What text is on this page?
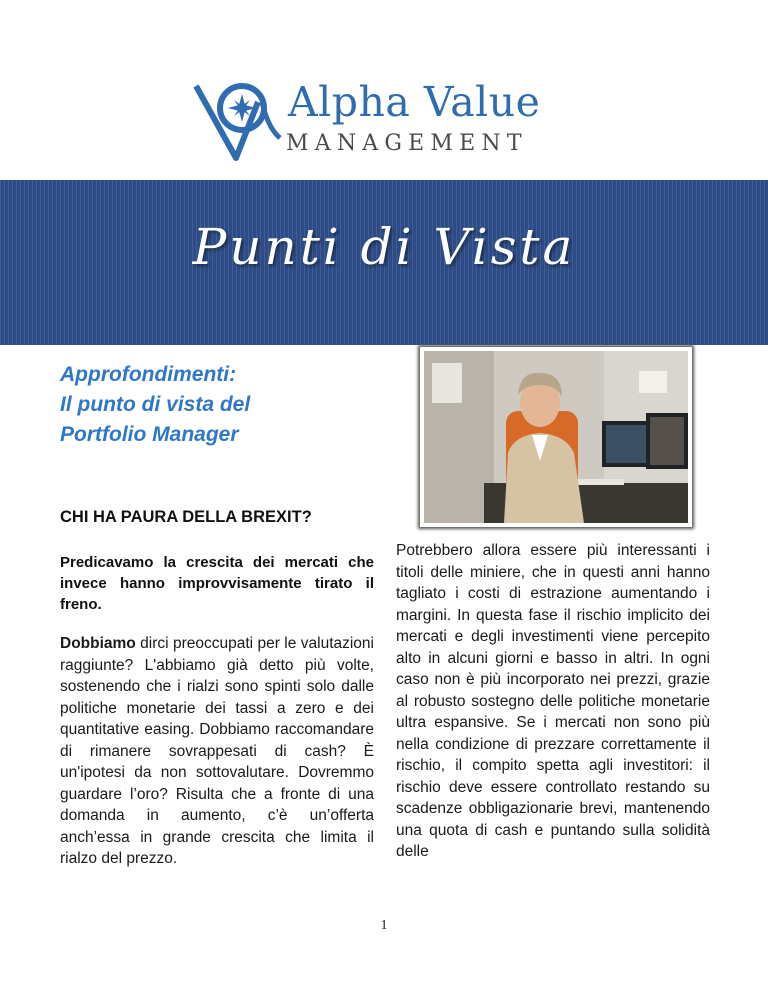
Alpha Value
MANAGEMENT
Punti di Vista
Approfondimenti:
Il punto di vista del
Portfolio Manager
CHI HA PAURA DELLA BREXIT?
Predicavamo la crescita dei mercati che invece hanno improvvisamente tirato il freno.
Dobbiamo dirci preoccupati per le valutazioni raggiunte? L'abbiamo già detto più volte, sostenendo che i rialzi sono spinti solo dalle politiche monetarie dei tassi a zero e dei quantitative easing. Dobbiamo raccomandare di rimanere sovrappesati di cash? È un'ipotesi da non sottovalutare. Dovremmo guardare l’oro? Risulta che a fronte di una domanda in aumento, c’è un’offerta anch’essa in grande crescita che limita il rialzo del prezzo.
Potrebbero allora essere più interessanti i titoli delle miniere, che in questi anni hanno tagliato i costi di estrazione aumentando i margini. In questa fase il rischio implicito dei mercati e degli investimenti viene percepito alto in alcuni giorni e basso in altri. In ogni caso non è più incorporato nei prezzi, grazie al robusto sostegno delle politiche monetarie ultra espansive. Se i mercati non sono più nella condizione di prezzare correttamente il rischio, il compito spetta agli investitori: il rischio deve essere controllato restando su scadenze obbligazionarie brevi, mantenendo una quota di cash e puntando sulla solidità delle
1
